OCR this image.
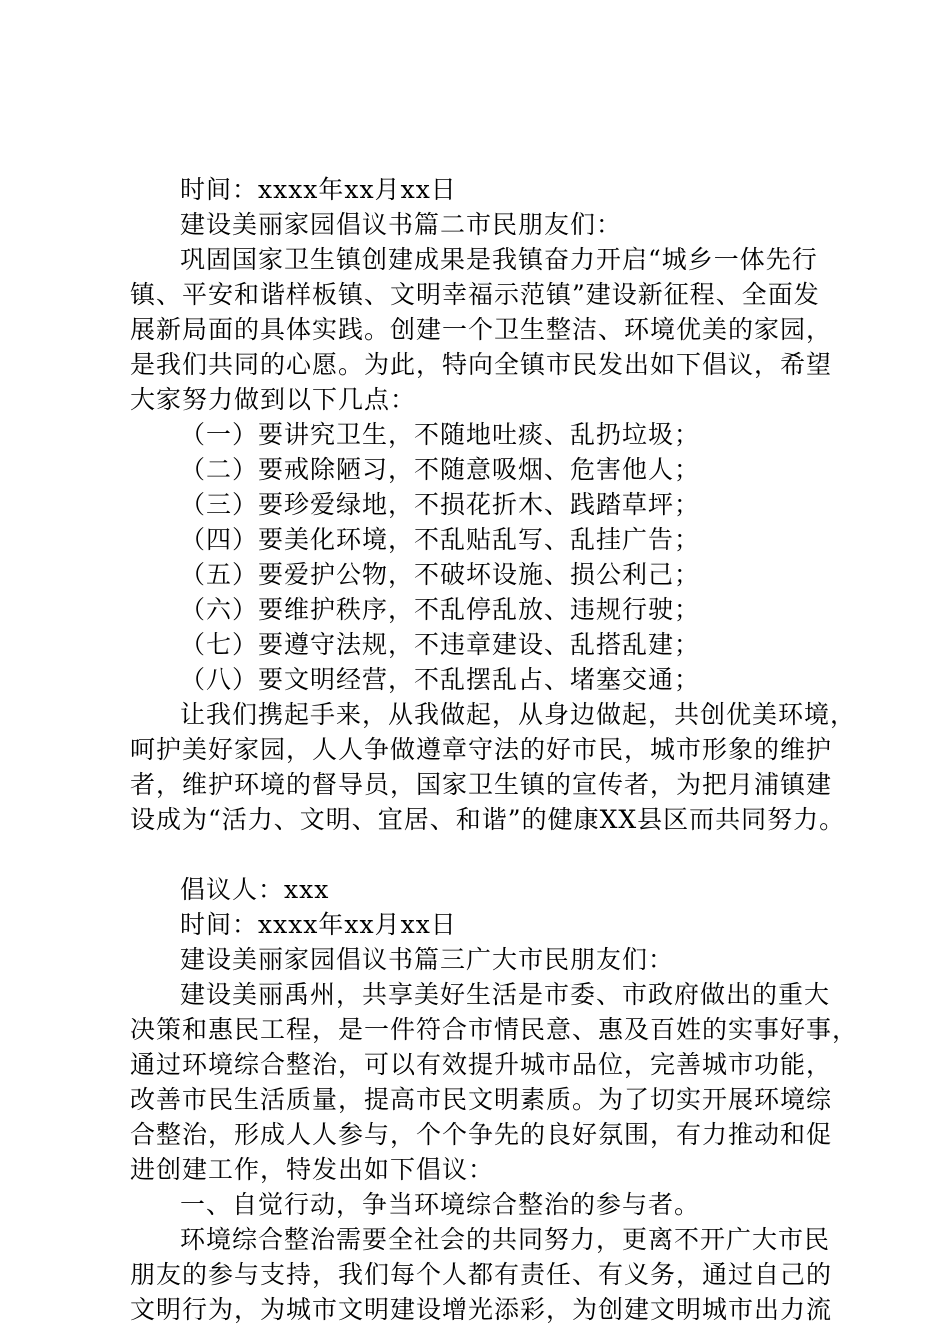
时间：xxxx年xx月xx日
建设美丽家园倡议书篇二市民朋友们：
巩固国家卫生镇创建成果是我镇奋力开启“城乡一体先行
镇、平安和谐样板镇、文明幸福示范镇”建设新征程、全面发
展新局面的具体实践。创建一个卫生整洁、环境优美的家园，
是我们共同的心愿。为此，特向全镇市民发出如下倡议，希望
大家努力做到以下几点：
（一）要讲究卫生，不随地吐痰、乱扔垃圾；
（二）要戒除陋习，不随意吸烟、危害他人；
（三）要珍爱绿地，不损花折木、践踏草坪；
（四）要美化环境，不乱贴乱写、乱挂广告；
（五）要爱护公物，不破坏设施、损公利己；
（六）要维护秩序，不乱停乱放、违规行驶；
（七）要遵守法规，不违章建设、乱搭乱建；
（八）要文明经营，不乱摆乱占、堵塞交通；
让我们携起手来，从我做起，从身边做起，共创优美环境，
呵护美好家园，人人争做遵章守法的好市民，城市形象的维护
者，维护环境的督导员，国家卫生镇的宣传者，为把月浦镇建
设成为“活力、文明、宜居、和谐”的健康XX县区而共同努力。
倡议人：xxx
时间：xxxx年xx月xx日
建设美丽家园倡议书篇三广大市民朋友们：
建设美丽禹州，共享美好生活是市委、市政府做出的重大
决策和惠民工程，是一件符合市情民意、惠及百姓的实事好事，
通过环境综合整治，可以有效提升城市品位，完善城市功能，
改善市民生活质量，提高市民文明素质。为了切实开展环境综
合整治，形成人人参与，个个争先的良好氛围，有力推动和促
进创建工作，特发出如下倡议：
一、自觉行动，争当环境综合整治的参与者。
环境综合整治需要全社会的共同努力，更离不开广大市民
朋友的参与支持，我们每个人都有责任、有义务，通过自己的
文明行为，为城市文明建设增光添彩，为创建文明城市出力流
